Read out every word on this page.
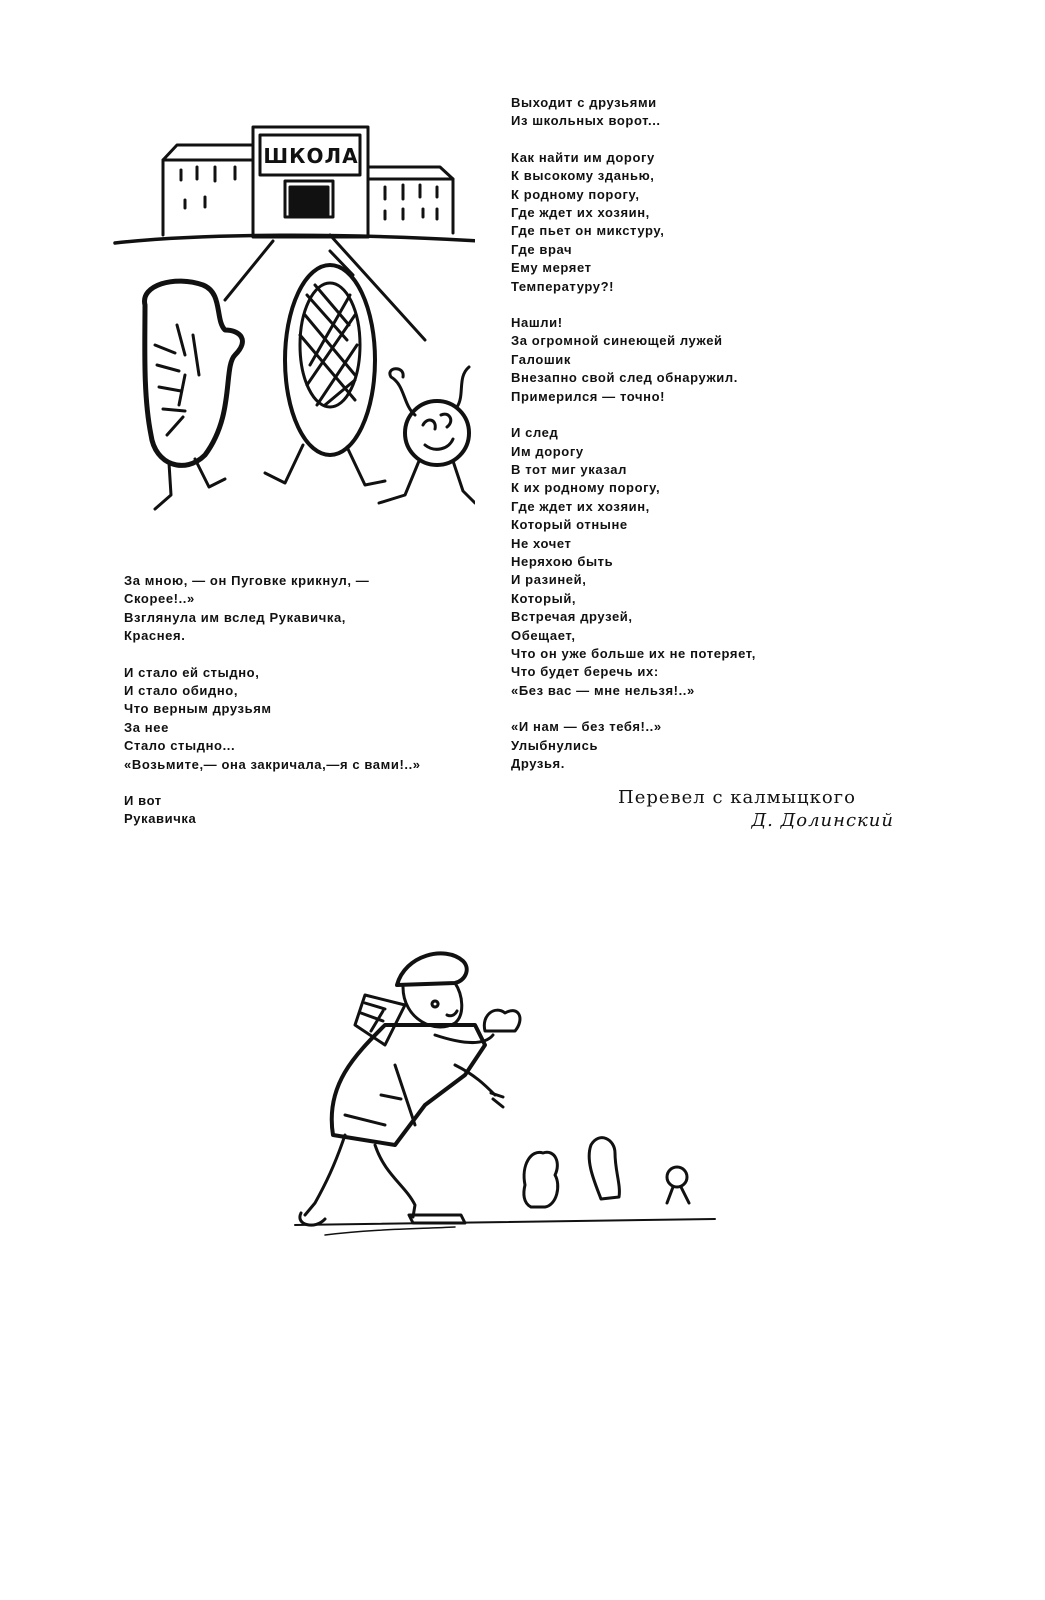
ШКОЛА
За мною, — он Пуговке крикнул, —
Скорее!..»
Взглянула им вслед Рукавичка,
Краснея.
И стало ей стыдно,
И стало обидно,
Что верным друзьям
За нее
Стало стыдно...
«Возьмите,— она закричала,—я с вами!..»
И вот
Рукавичка
Выходит с друзьями
Из школьных ворот...
Как найти им дорогу
К высокому зданью,
К родному порогу,
Где ждет их хозяин,
Где пьет он микстуру,
Где врач
Ему меряет
Температуру?!
Нашли!
За огромной синеющей лужей
Галошик
Внезапно свой след обнаружил.
Примерился — точно!
И след
Им дорогу
В тот миг указал
К их родному порогу,
Где ждет их хозяин,
Который отныне
Не хочет
Неряхою быть
И разиней,
Который,
Встречая друзей,
Обещает,
Что он уже больше их не потеряет,
Что будет беречь их:
«Без вас — мне нельзя!..»
«И нам — без тебя!..»
Улыбнулись
Друзья.
Перевел с калмыцкого
Д. Долинский
